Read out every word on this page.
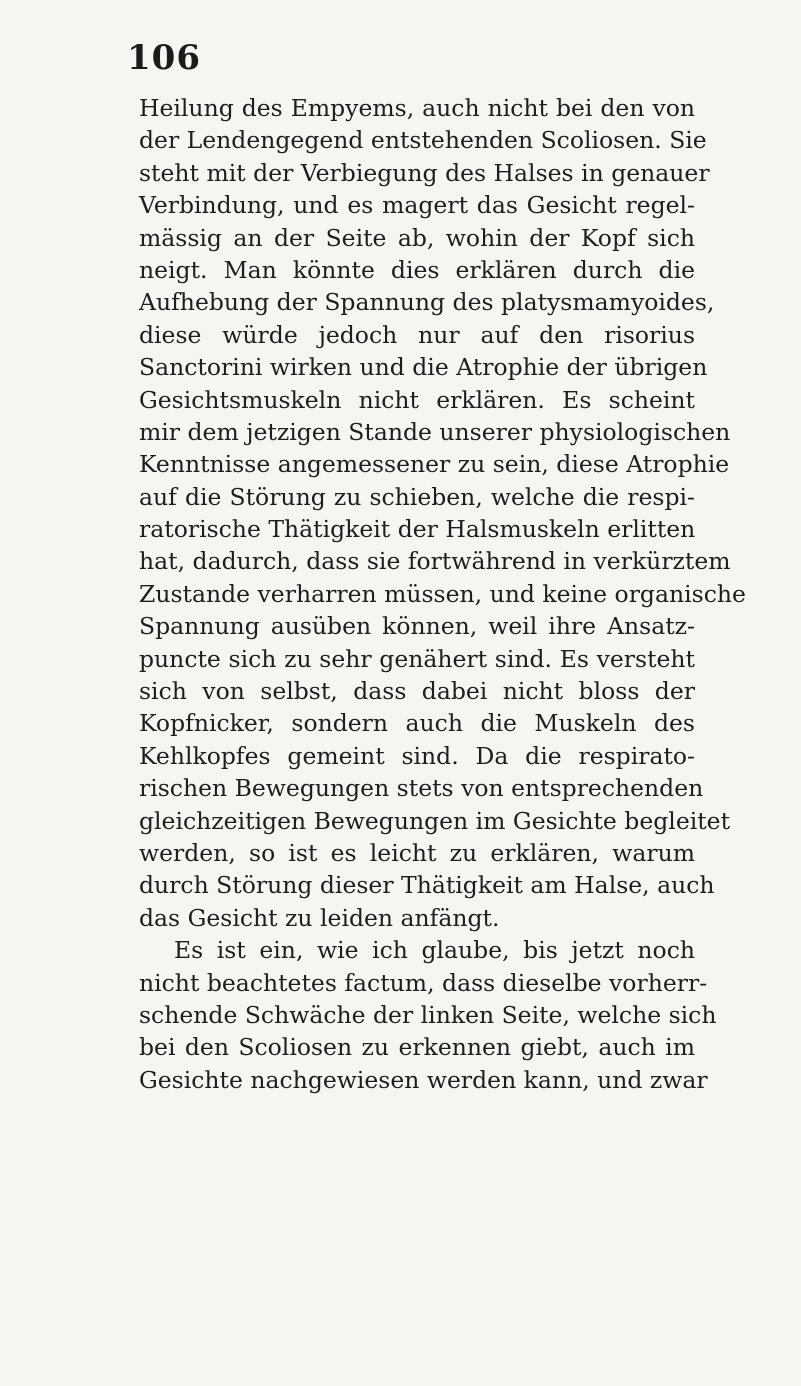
106
Heilung des Empyems, auch nicht bei den von
der Lendengegend entstehenden Scoliosen. Sie
steht mit der Verbiegung des Halses in genauer
Verbindung, und es magert das Gesicht regel-
mässig an der Seite ab, wohin der Kopf sich
neigt. Man könnte dies erklären durch die
Aufhebung der Spannung des platysmamyoides,
diese würde jedoch nur auf den risorius
Sanctorini wirken und die Atrophie der übrigen
Gesichtsmuskeln nicht erklären. Es scheint
mir dem jetzigen Stande unserer physiologischen
Kenntnisse angemessener zu sein, diese Atrophie
auf die Störung zu schieben, welche die respi-
ratorische Thätigkeit der Halsmuskeln erlitten
hat, dadurch, dass sie fortwährend in verkürztem
Zustande verharren müssen, und keine organische
Spannung ausüben können, weil ihre Ansatz-
puncte sich zu sehr genähert sind. Es versteht
sich von selbst, dass dabei nicht bloss der
Kopfnicker, sondern auch die Muskeln des
Kehlkopfes gemeint sind. Da die respirato-
rischen Bewegungen stets von entsprechenden
gleichzeitigen Bewegungen im Gesichte begleitet
werden, so ist es leicht zu erklären, warum
durch Störung dieser Thätigkeit am Halse, auch
das Gesicht zu leiden anfängt.
Es ist ein, wie ich glaube, bis jetzt noch
nicht beachtetes factum, dass dieselbe vorherr-
schende Schwäche der linken Seite, welche sich
bei den Scoliosen zu erkennen giebt, auch im
Gesichte nachgewiesen werden kann, und zwar
